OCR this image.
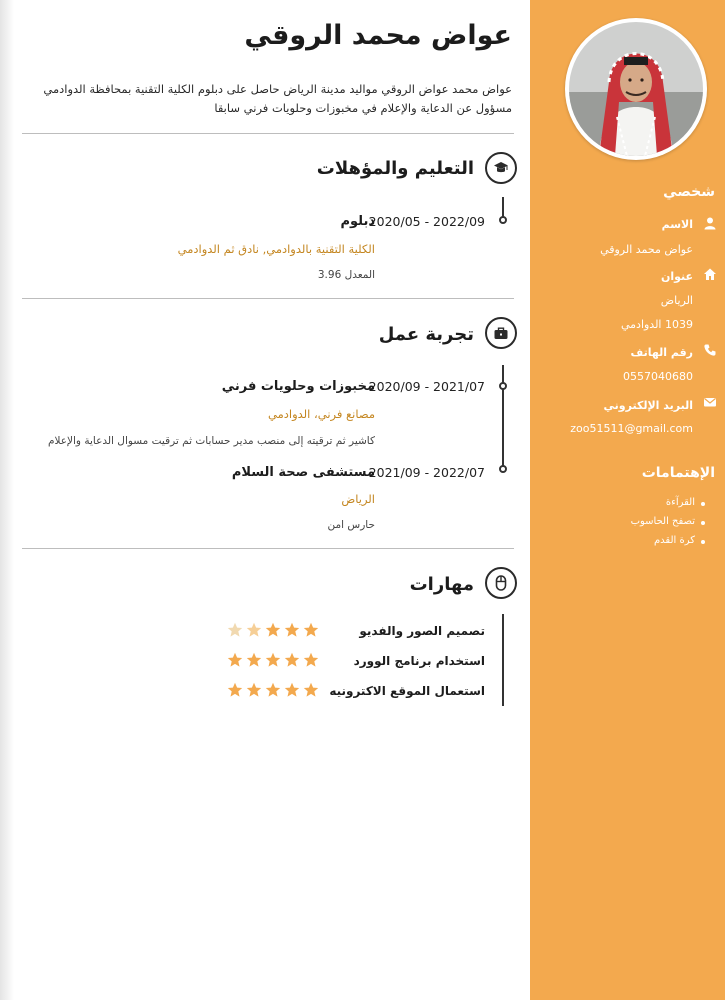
عواض محمد الروقي
عواض محمد عواض الروقي مواليد مدينة الرياض حاصل على دبلوم الكلية التقنية بمحافظة الدوادمي مسؤول عن الدعاية والإعلام في مخبوزات وحلويات فرني سابقا
التعليم والمؤهلات
2020/05 - 2022/09
دبلوم
الكلية التقنية بالدوادمي, نادق ثم الدوادمي
المعدل 3.96
تجربة عمل
2020/09 - 2021/07
مخبوزات وحلويات فرني
مصانع فرني، الدوادمي
كاشير ثم ترقيته إلى منصب مدير حسابات ثم ترقيت مسوال الدعاية والإعلام
2021/09 - 2022/07
مستشفى صحة السلام
الرياض
حارس امن
مهارات
تصميم الصور والفديو
استخدام برنامج الوورد
استعمال الموقع الاكترونيه
شخصي
الاسم
عواض محمد الروقي
عنوان
الرياض
1039 الدوادمي
رقم الهاتف
0557040680
البريد الإلكتروني
zoo51511@gmail.com
الإهتمامات
القرآءة
تصفح الحاسوب
كرة القدم
